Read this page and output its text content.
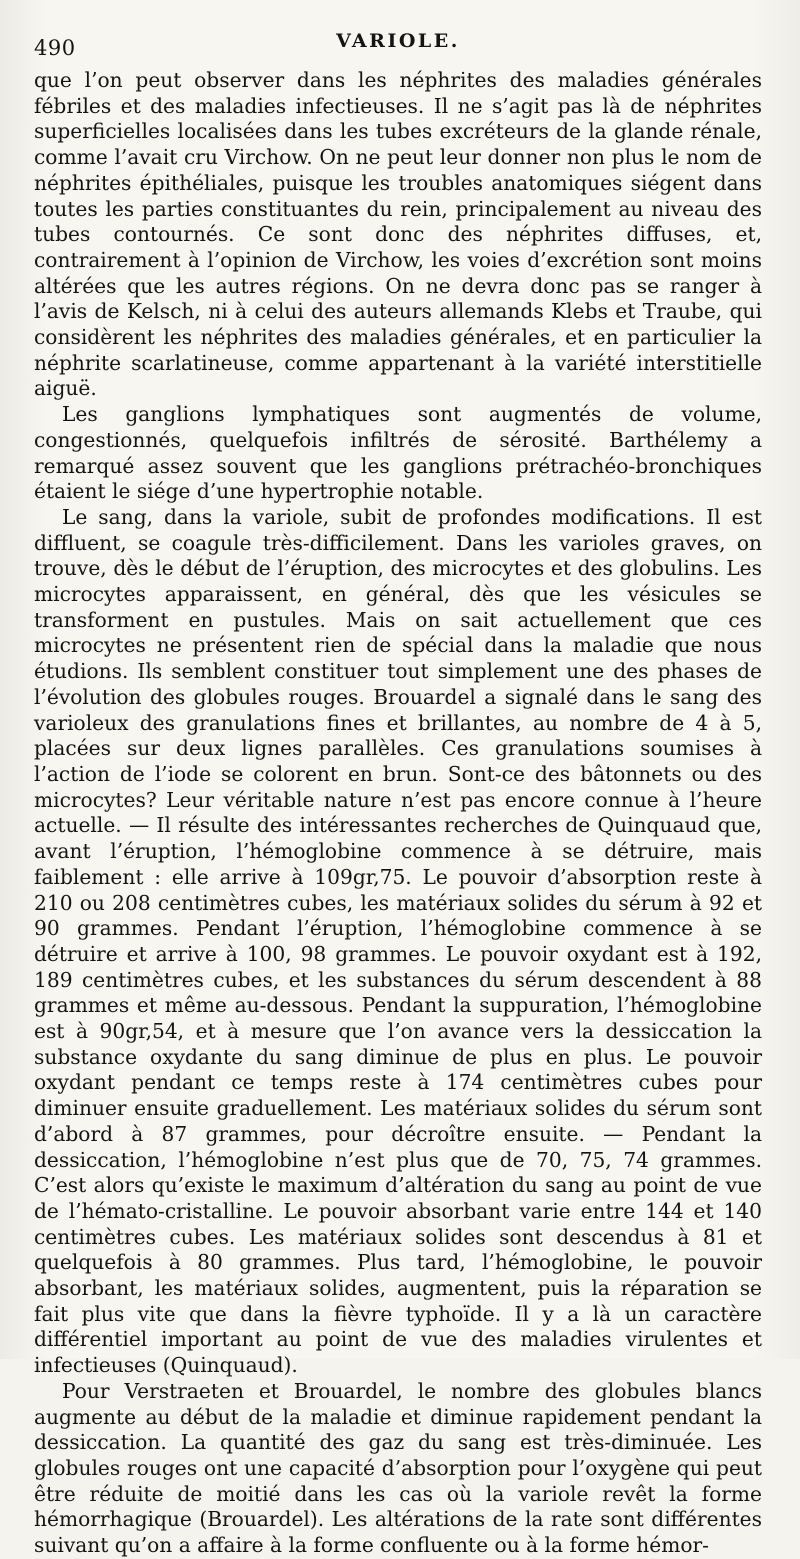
490	VARIOLE.

que l’on peut observer dans les néphrites des maladies générales fébriles et des maladies infectieuses. Il ne s’agit pas là de néphrites superficielles localisées dans les tubes excréteurs de la glande rénale, comme l’avait cru Virchow. On ne peut leur donner non plus le nom de néphrites épithéliales, puisque les troubles anatomiques siégent dans toutes les parties constituantes du rein, principalement au niveau des tubes contournés. Ce sont donc des néphrites diffuses, et, contrairement à l’opinion de Virchow, les voies d’excrétion sont moins altérées que les autres régions. On ne devra donc pas se ranger à l’avis de Kelsch, ni à celui des auteurs allemands Klebs et Traube, qui considèrent les néphrites des maladies générales, et en particulier la néphrite scarlatineuse, comme appartenant à la variété interstitielle aiguë.

Les ganglions lymphatiques sont augmentés de volume, congestionnés, quelquefois infiltrés de sérosité. Barthélemy a remarqué assez souvent que les ganglions prétrachéo-bronchiques étaient le siége d’une hypertrophie notable.

Le sang, dans la variole, subit de profondes modifications. Il est diffluent, se coagule très-difficilement. Dans les varioles graves, on trouve, dès le début de l’éruption, des microcytes et des globulins. Les microcytes apparaissent, en général, dès que les vésicules se transforment en pustules. Mais on sait actuellement que ces microcytes ne présentent rien de spécial dans la maladie que nous étudions. Ils semblent constituer tout simplement une des phases de l’évolution des globules rouges. Brouardel a signalé dans le sang des varioleux des granulations fines et brillantes, au nombre de 4 à 5, placées sur deux lignes parallèles. Ces granulations soumises à l’action de l’iode se colorent en brun. Sont-ce des bâtonnets ou des microcytes? Leur véritable nature n’est pas encore connue à l’heure actuelle. — Il résulte des intéressantes recherches de Quinquaud que, avant l’éruption, l’hémoglobine commence à se détruire, mais faiblement : elle arrive à 109gr,75. Le pouvoir d’absorption reste à 210 ou 208 centimètres cubes, les matériaux solides du sérum à 92 et 90 grammes. Pendant l’éruption, l’hémoglobine commence à se détruire et arrive à 100, 98 grammes. Le pouvoir oxydant est à 192, 189 centimètres cubes, et les substances du sérum descendent à 88 grammes et même au-dessous. Pendant la suppuration, l’hémoglobine est à 90gr,54, et à mesure que l’on avance vers la dessiccation la substance oxydante du sang diminue de plus en plus. Le pouvoir oxydant pendant ce temps reste à 174 centimètres cubes pour diminuer ensuite graduellement. Les matériaux solides du sérum sont d’abord à 87 grammes, pour décroître ensuite. — Pendant la dessiccation, l’hémoglobine n’est plus que de 70, 75, 74 grammes. C’est alors qu’existe le maximum d’altération du sang au point de vue de l’hémato-cristalline. Le pouvoir absorbant varie entre 144 et 140 centimètres cubes. Les matériaux solides sont descendus à 81 et quelquefois à 80 grammes. Plus tard, l’hémoglobine, le pouvoir absorbant, les matériaux solides, augmentent, puis la réparation se fait plus vite que dans la fièvre typhoïde. Il y a là un caractère différentiel important au point de vue des maladies virulentes et infectieuses (Quinquaud).

Pour Verstraeten et Brouardel, le nombre des globules blancs augmente au début de la maladie et diminue rapidement pendant la dessiccation. La quantité des gaz du sang est très-diminuée. Les globules rouges ont une capacité d’absorption pour l’oxygène qui peut être réduite de moitié dans les cas où la variole revêt la forme hémorrhagique (Brouardel). Les altérations de la rate sont différentes suivant qu’on a affaire à la forme confluente ou à la forme hémor-
